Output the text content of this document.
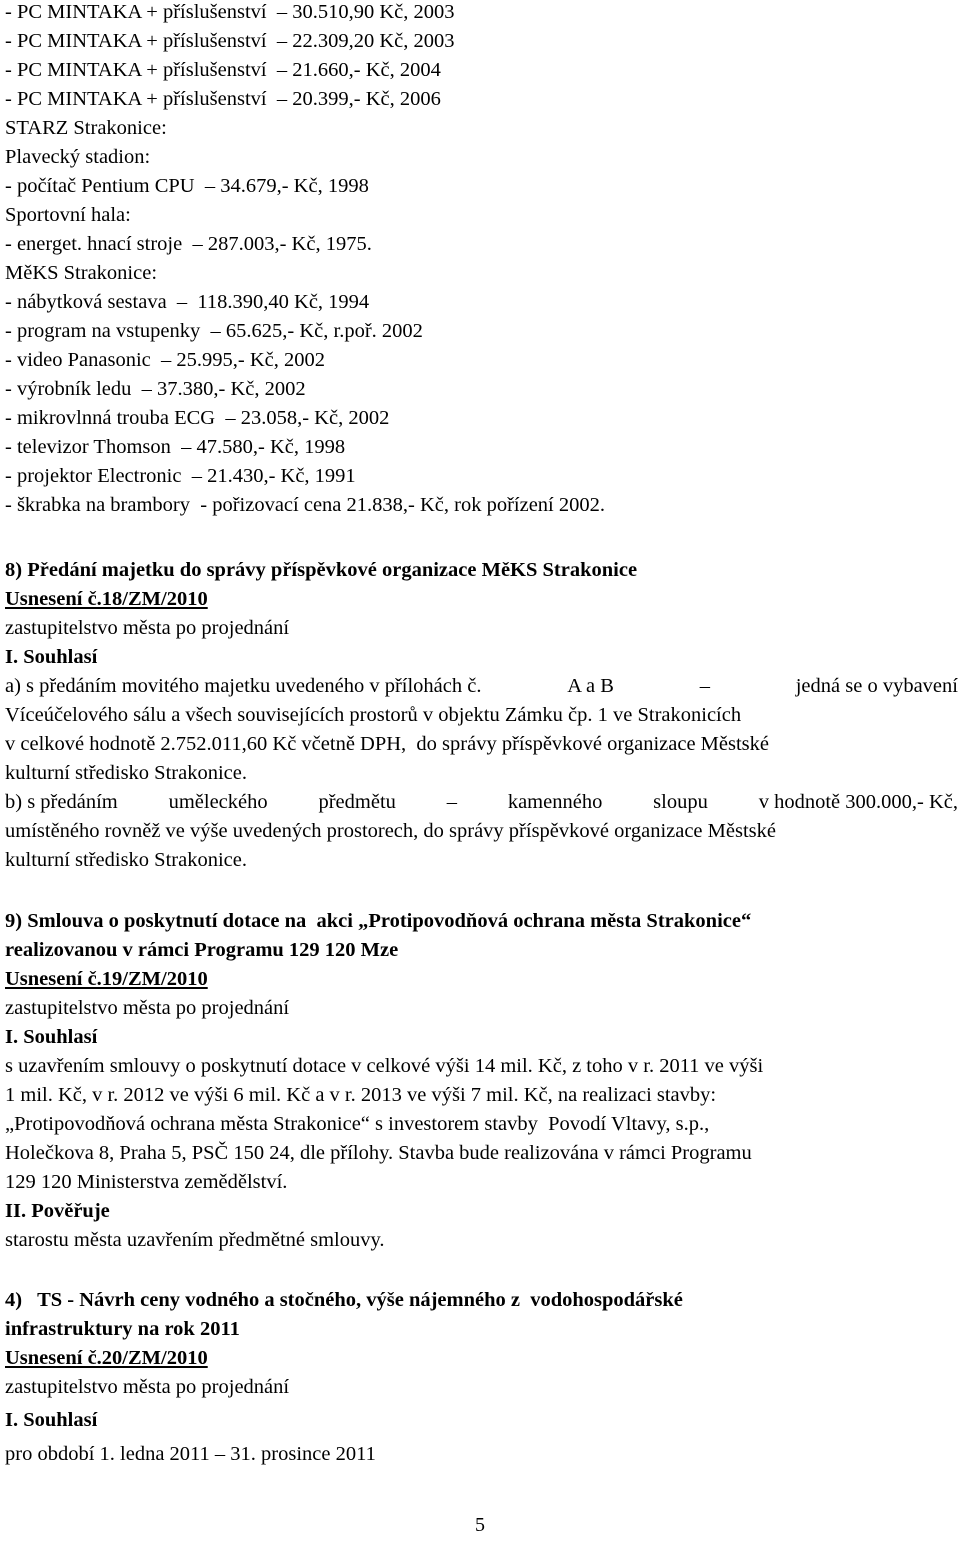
- PC MINTAKA + příslušenství  – 30.510,90 Kč, 2003
- PC MINTAKA + příslušenství  – 22.309,20 Kč, 2003
- PC MINTAKA + příslušenství  – 21.660,- Kč, 2004
- PC MINTAKA + příslušenství  – 20.399,- Kč, 2006
STARZ Strakonice:
Plavecký stadion:
- počítač Pentium CPU  – 34.679,- Kč, 1998
Sportovní hala:
- energet. hnací stroje  – 287.003,- Kč, 1975.
MěKS Strakonice:
- nábytková sestava  –  118.390,40 Kč, 1994
- program na vstupenky  – 65.625,- Kč, r.poř. 2002
- video Panasonic  – 25.995,- Kč, 2002
- výrobník ledu  – 37.380,- Kč, 2002
- mikrovlnná trouba ECG  – 23.058,- Kč, 2002
- televizor Thomson  – 47.580,- Kč, 1998
- projektor Electronic  – 21.430,- Kč, 1991
- škrabka na brambory  - pořizovací cena 21.838,- Kč, rok pořízení 2002.
8) Předání majetku do správy příspěvkové organizace MěKS Strakonice
Usnesení č.18/ZM/2010
zastupitelstvo města po projednání
I. Souhlasí
a) s předáním movitého majetku uvedeného v přílohách č.	A a B	–	jedná se o vybavení
Víceúčelového sálu a všech souvisejících prostorů v objektu Zámku čp. 1 ve Strakonicích
v celkové hodnotě 2.752.011,60 Kč včetně DPH,  do správy příspěvkové organizace Městské
kulturní středisko Strakonice.
b) s předáním uměleckého předmětu – kamenného sloupu v hodnotě 300.000,- Kč,
umístěného rovněž ve výše uvedených prostorech, do správy příspěvkové organizace Městské
kulturní středisko Strakonice.
9) Smlouva o poskytnutí dotace na  akci „Protipovodňová ochrana města Strakonice“
realizovanou v rámci Programu 129 120 Mze
Usnesení č.19/ZM/2010
zastupitelstvo města po projednání
I. Souhlasí
s uzavřením smlouvy o poskytnutí dotace v celkové výši 14 mil. Kč, z toho v r. 2011 ve výši
1 mil. Kč, v r. 2012 ve výši 6 mil. Kč a v r. 2013 ve výši 7 mil. Kč, na realizaci stavby:
„Protipovodňová ochrana města Strakonice“ s investorem stavby  Povodí Vltavy, s.p.,
Holečkova 8, Praha 5, PSČ 150 24, dle přílohy. Stavba bude realizována v rámci Programu
129 120 Ministerstva zemědělství.
II. Pověřuje
starostu města uzavřením předmětné smlouvy.
4)   TS - Návrh ceny vodného a stočného, výše nájemného z  vodohospodářské
infrastruktury na rok 2011
Usnesení č.20/ZM/2010
zastupitelstvo města po projednání
I. Souhlasí
pro období 1. ledna 2011 – 31. prosince 2011
5
